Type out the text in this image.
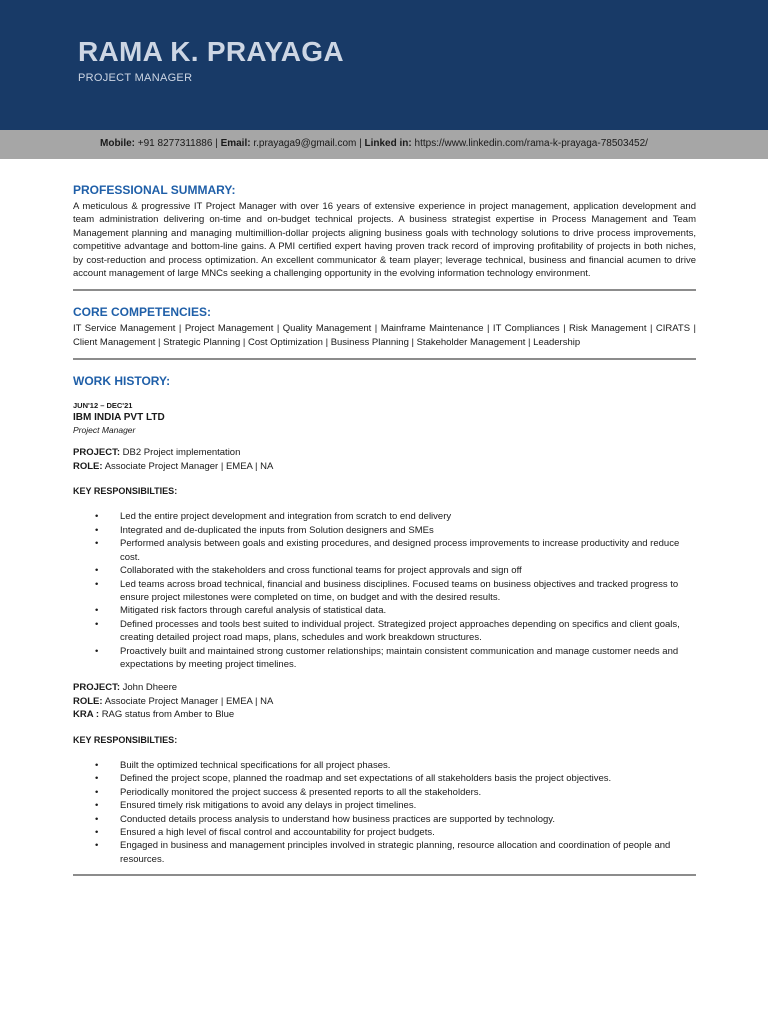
RAMA K. PRAYAGA
PROJECT MANAGER
Mobile: +91 8277311886 | Email: r.prayaga9@gmail.com | Linked in: https://www.linkedin.com/rama-k-prayaga-78503452/
PROFESSIONAL SUMMARY:
A meticulous & progressive IT Project Manager with over 16 years of extensive experience in project management, application development and team administration delivering on-time and on-budget technical projects. A business strategist expertise in Process Management and Team Management planning and managing multimillion-dollar projects aligning business goals with technology solutions to drive process improvements, competitive advantage and bottom-line gains. A PMI certified expert having proven track record of improving profitability of projects in both niches, by cost-reduction and process optimization. An excellent communicator & team player; leverage technical, business and financial acumen to drive account management of large MNCs seeking a challenging opportunity in the evolving information technology environment.
CORE COMPETENCIES:
IT Service Management | Project Management | Quality Management | Mainframe Maintenance | IT Compliances | Risk Management | CIRATS | Client Management | Strategic Planning | Cost Optimization | Business Planning | Stakeholder Management | Leadership
WORK HISTORY:
JUN'12 – DEC'21
IBM INDIA PVT LTD
Project Manager
PROJECT: DB2 Project implementation
ROLE: Associate Project Manager | EMEA | NA
KEY RESPONSIBILTIES:
• Led the entire project development and integration from scratch to end delivery
• Integrated and de-duplicated the inputs from Solution designers and SMEs
• Performed analysis between goals and existing procedures, and designed process improvements to increase productivity and reduce cost.
• Collaborated with the stakeholders and cross functional teams for project approvals and sign off
• Led teams across broad technical, financial and business disciplines. Focused teams on business objectives and tracked progress to ensure project milestones were completed on time, on budget and with the desired results.
• Mitigated risk factors through careful analysis of statistical data.
• Defined processes and tools best suited to individual project. Strategized project approaches depending on specifics and client goals, creating detailed project road maps, plans, schedules and work breakdown structures.
• Proactively built and maintained strong customer relationships; maintain consistent communication and manage customer needs and expectations by meeting project timelines.
PROJECT: John Dheere
ROLE: Associate Project Manager | EMEA | NA
KRA : RAG status from Amber to Blue
KEY RESPONSIBILTIES:
• Built the optimized technical specifications for all project phases.
• Defined the project scope, planned the roadmap and set expectations of all stakeholders basis the project objectives.
• Periodically monitored the project success & presented reports to all the stakeholders.
• Ensured timely risk mitigations to avoid any delays in project timelines.
• Conducted details process analysis to understand how business practices are supported by technology.
• Ensured a high level of fiscal control and accountability for project budgets.
• Engaged in business and management principles involved in strategic planning, resource allocation and coordination of people and resources.
